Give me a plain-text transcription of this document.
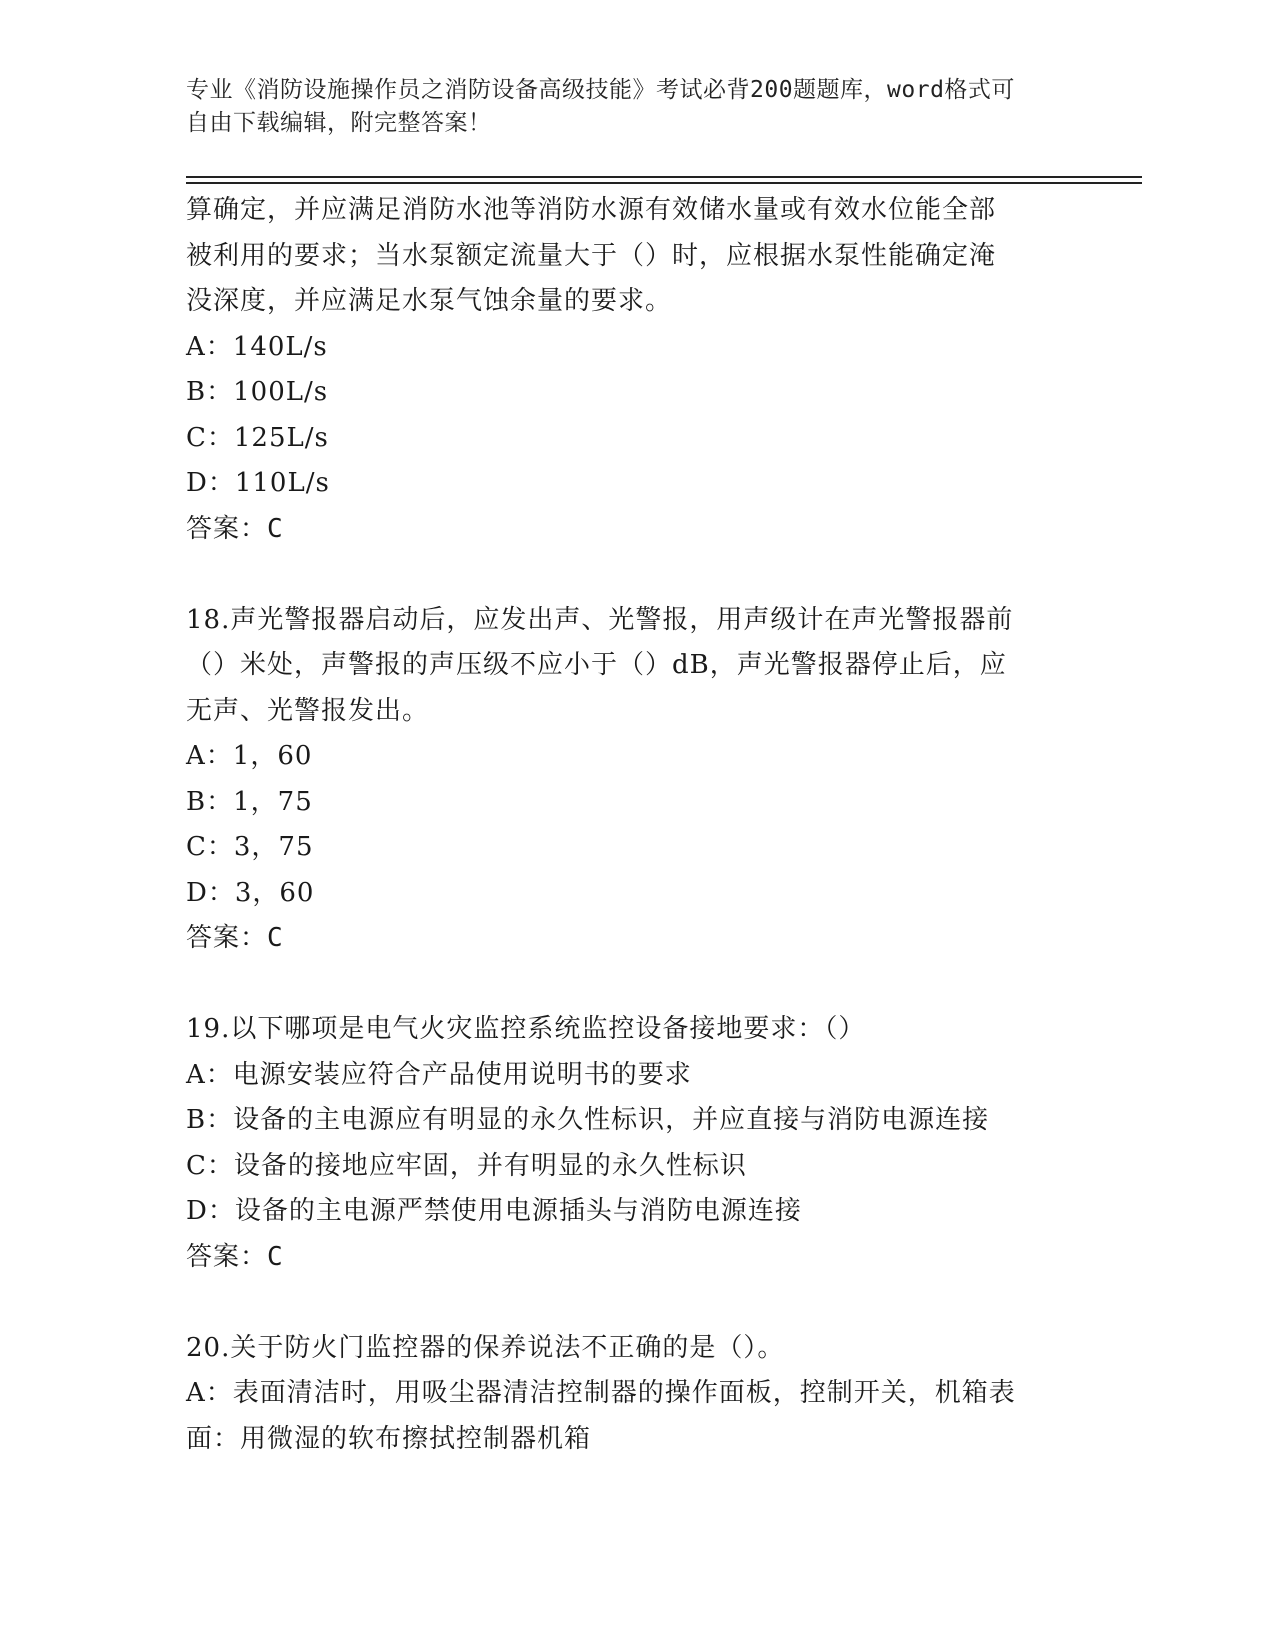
专业《消防设施操作员之消防设备高级技能》考试必背200题题库，word格式可
自由下载编辑，附完整答案！
算确定，并应满足消防水池等消防水源有效储水量或有效水位能全部
被利用的要求；当水泵额定流量大于（）时，应根据水泵性能确定淹
没深度，并应满足水泵气蚀余量的要求。
A：140L/s
B：100L/s
C：125L/s
D：110L/s
答案：C
18.声光警报器启动后，应发出声、光警报，用声级计在声光警报器前
（）米处，声警报的声压级不应小于（）dB，声光警报器停止后，应
无声、光警报发出。
A：1，60
B：1，75
C：3，75
D：3，60
答案：C
19.以下哪项是电气火灾监控系统监控设备接地要求：（）
A：电源安装应符合产品使用说明书的要求
B：设备的主电源应有明显的永久性标识，并应直接与消防电源连接
C：设备的接地应牢固，并有明显的永久性标识
D：设备的主电源严禁使用电源插头与消防电源连接
答案：C
20.关于防火门监控器的保养说法不正确的是（）。
A：表面清洁时，用吸尘器清洁控制器的操作面板，控制开关，机箱表
面：用微湿的软布擦拭控制器机箱
